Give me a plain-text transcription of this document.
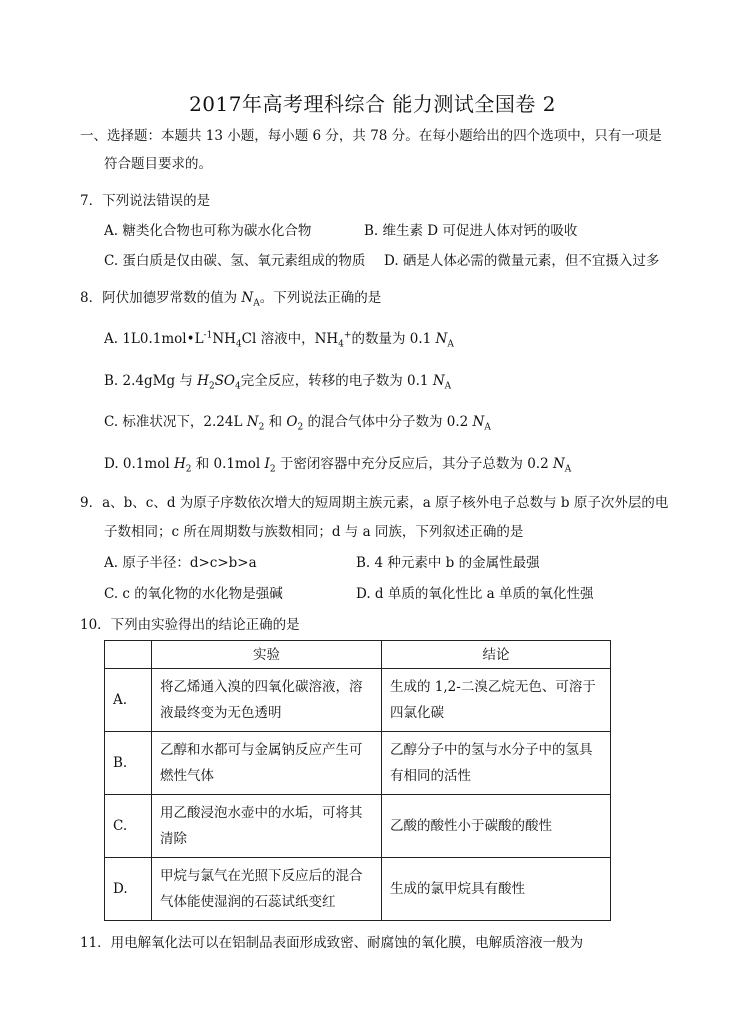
2017年高考理科综合 能力测试全国卷 2
一、选择题：本题共 13 小题，每小题 6 分，共 78 分。在每小题给出的四个选项中，只有一项是
符合题目要求的。
7．下列说法错误的是
A. 糖类化合物也可称为碳水化合物	B. 维生素 D 可促进人体对钙的吸收
C. 蛋白质是仅由碳、氢、氧元素组成的物质 D. 硒是人体必需的微量元素，但不宜摄入过多
8．阿伏加德罗常数的值为 $N_A$。下列说法正确的是
A. $1L0.1mol•L^{-1}NH_4Cl$ 溶液中，$NH_4^+$的数量为 0.1 $N_A$
B. 2.4gMg 与 $H_2SO_4$完全反应，转移的电子数为 0.1 $N_A$
C. 标准状况下，2.24L $N_2$ 和 $O_2$ 的混合气体中分子数为 0.2 $N_A$
D. 0.1mol $H_2$ 和 0.1mol $I_2$ 于密闭容器中充分反应后，其分子总数为 0.2 $N_A$
9．a、b、c、d 为原子序数依次增大的短周期主族元素，a 原子核外电子总数与 b 原子次外层的电
子数相同；c 所在周期数与族数相同；d 与 a 同族，下列叙述正确的是
A. 原子半径：d>c>b>a	B. 4 种元素中 b 的金属性最强
C. c 的氧化物的水化物是强碱	D. d 单质的氧化性比 a 单质的氧化性强
10．下列由实验得出的结论正确的是
	实验	结论
A.	将乙烯通入溴的四氧化碳溶液，溶液最终变为无色透明	生成的 1,2-二溴乙烷无色、可溶于四氯化碳
B.	乙醇和水都可与金属钠反应产生可燃性气体	乙醇分子中的氢与水分子中的氢具有相同的活性
C.	用乙酸浸泡水壶中的水垢，可将其清除	乙酸的酸性小于碳酸的酸性
D.	甲烷与氯气在光照下反应后的混合气体能使湿润的石蕊试纸变红	生成的氯甲烷具有酸性
11．用电解氧化法可以在铝制品表面形成致密、耐腐蚀的氧化膜，电解质溶液一般为
